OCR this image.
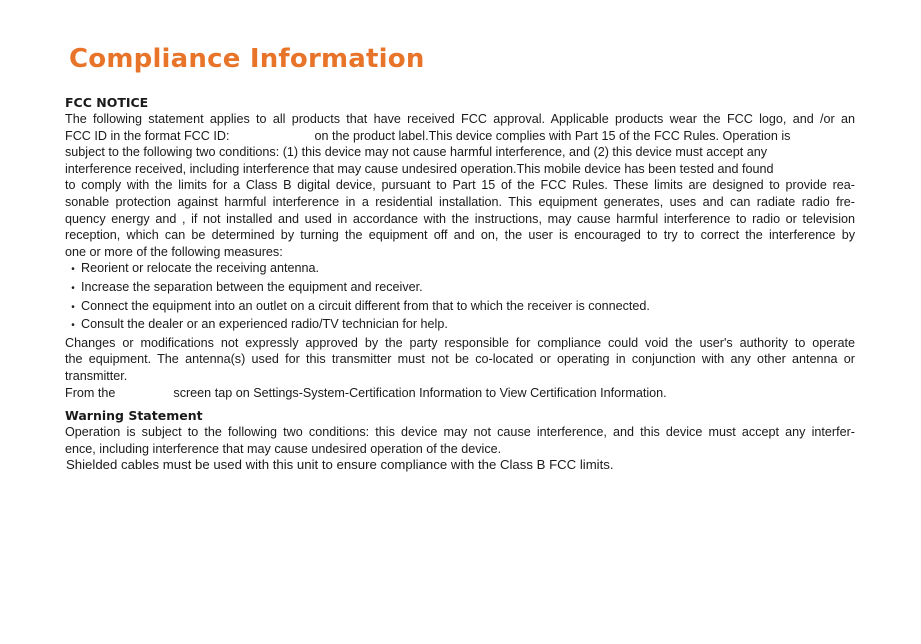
Compliance Information

FCC NOTICE

The following statement applies to all products that have received FCC approval. Applicable products wear the FCC logo, and /or an

FCC ID in the format FCC ID:	on the product label.This device complies with Part 15 of the FCC Rules. Operation is

subject to the following two conditions: (1) this device may not cause harmful interference, and (2) this device must accept any

interference received, including interference that may cause undesired operation.This mobile device has been tested and found

to comply with the limits for a Class B digital device, pursuant to Part 15 of the FCC Rules. These limits are designed to provide rea-

sonable protection against harmful interference in a residential installation. This equipment generates, uses and can radiate radio fre-

quency energy and , if not installed and used in accordance with the instructions, may cause harmful interference to radio or television

reception, which can be determined by turning the equipment off and on, the user is encouraged to try to correct the interference by

one or more of the following measures:

• Reorient or relocate the receiving antenna.

• Increase the separation between the equipment and receiver.

• Connect the equipment into an outlet on a circuit different from that to which the receiver is connected.

• Consult the dealer or an experienced radio/TV technician for help.

Changes or modifications not expressly approved by the party responsible for compliance could void the user's authority to operate

the equipment. The antenna(s) used for this transmitter must not be co-located or operating in conjunction with any other antenna or

transmitter.

From the	screen tap on Settings-System-Certification Information to View Certification Information.

Warning Statement

Operation is subject to the following two conditions: this device may not cause interference, and this device must accept any interfer-

ence, including interference that may cause undesired operation of the device.

Shielded cables must be used with this unit to ensure compliance with the Class B FCC limits.
